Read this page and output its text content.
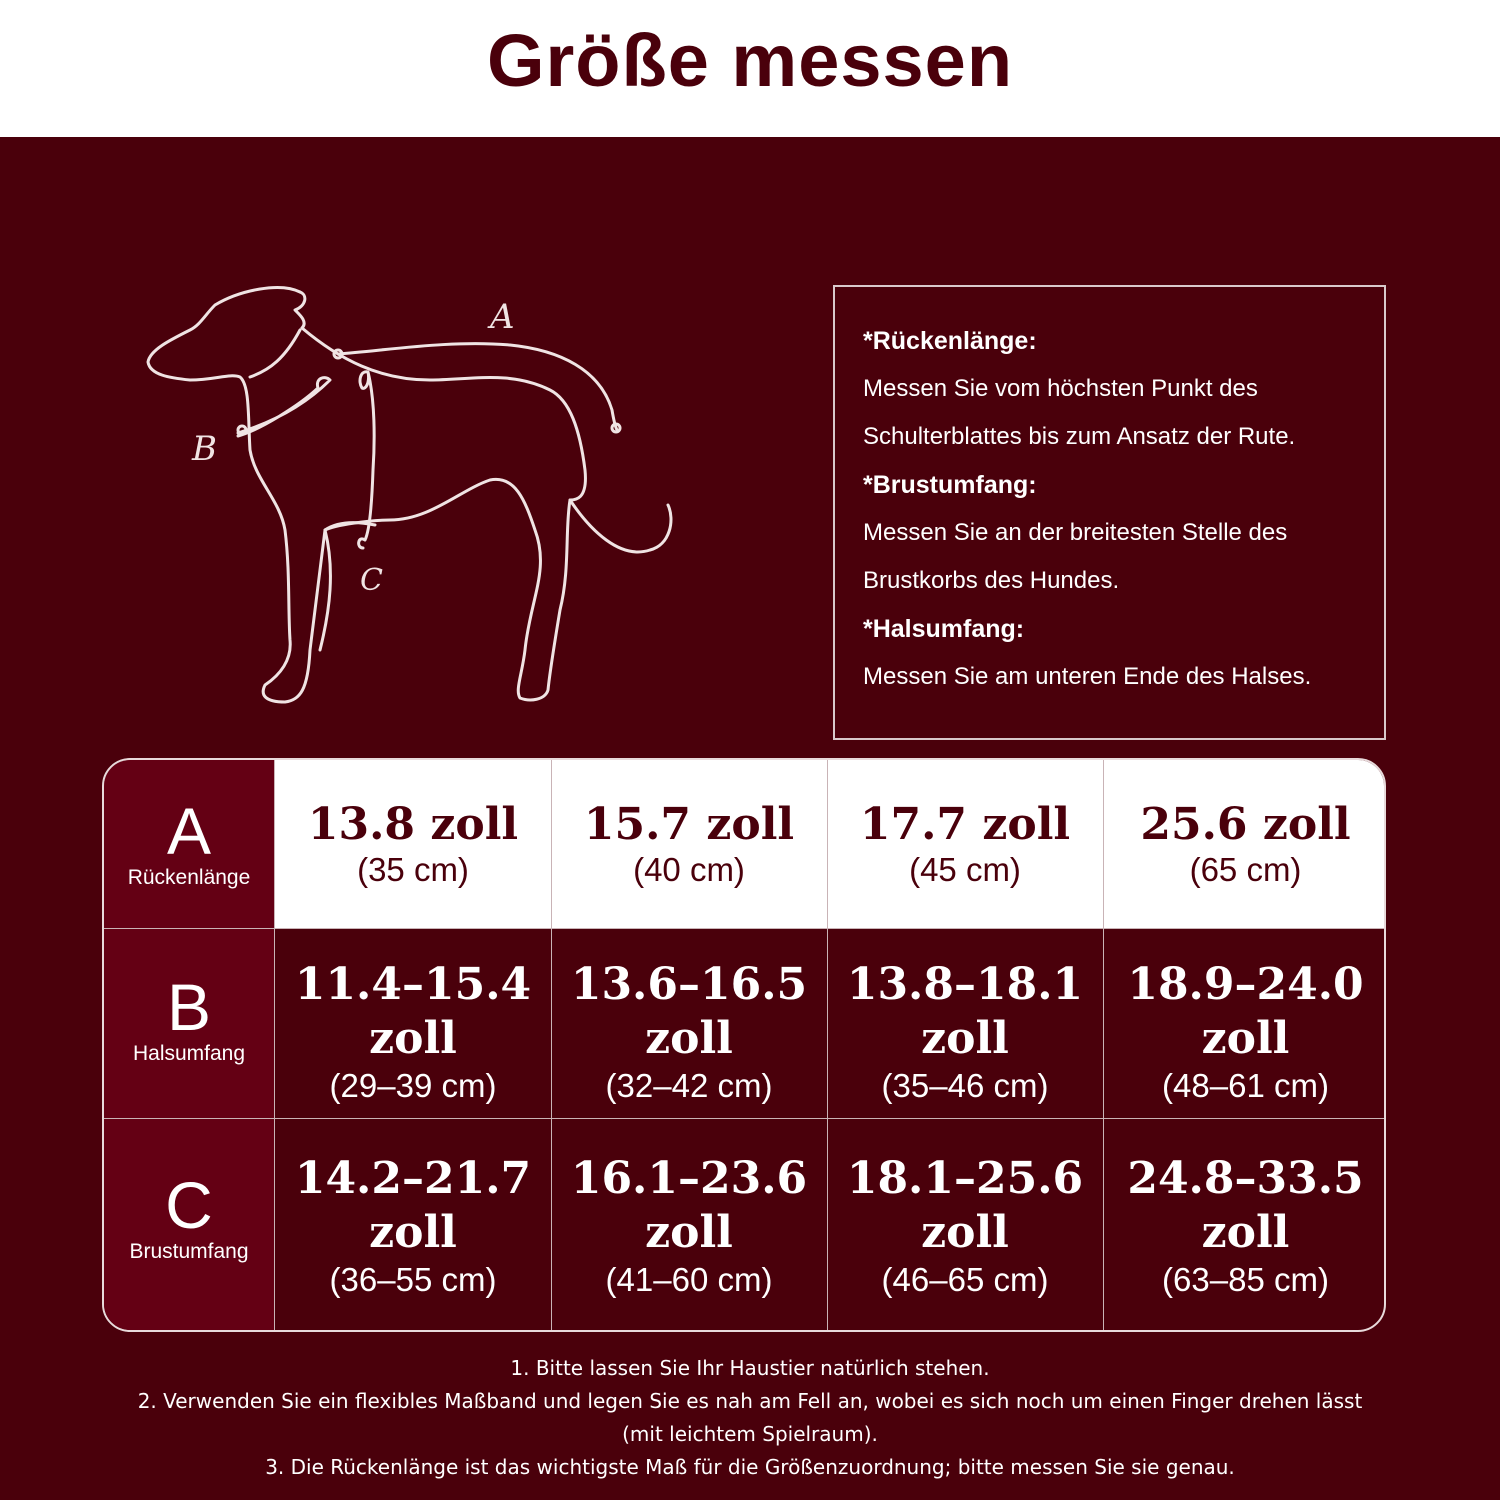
Größe messen
A
B
C
*Rückenlänge:
Messen Sie vom höchsten Punkt des
Schulterblattes bis zum Ansatz der Rute.
*Brustumfang:
Messen Sie an der breitesten Stelle des
Brustkorbs des Hundes.
*Halsumfang:
Messen Sie am unteren Ende des Halses.
A
Rückenlänge
13.8 zoll
(35 cm)
15.7 zoll
(40 cm)
17.7 zoll
(45 cm)
25.6 zoll
(65 cm)
B
Halsumfang
11.4–15.4
zoll
(29–39 cm)
13.6–16.5
zoll
(32–42 cm)
13.8–18.1
zoll
(35–46 cm)
18.9–24.0
zoll
(48–61 cm)
C
Brustumfang
14.2–21.7
zoll
(36–55 cm)
16.1–23.6
zoll
(41–60 cm)
18.1–25.6
zoll
(46–65 cm)
24.8–33.5
zoll
(63–85 cm)
1. Bitte lassen Sie Ihr Haustier natürlich stehen.
2. Verwenden Sie ein flexibles Maßband und legen Sie es nah am Fell an, wobei es sich noch um einen Finger drehen lässt
(mit leichtem Spielraum).
3. Die Rückenlänge ist das wichtigste Maß für die Größenzuordnung; bitte messen Sie sie genau.
